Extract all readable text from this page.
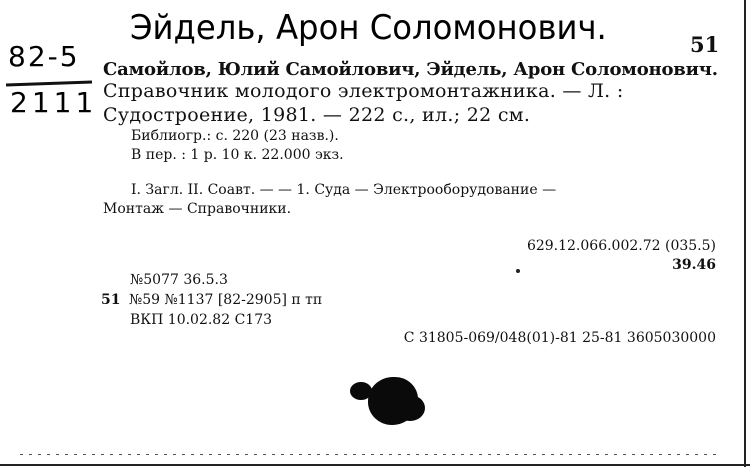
Эйдель, Арон Соломонович.
82-5
2111
51
Самойлов, Юлий Самойлович, Эйдель, Арон Соломонович.
Справочник молодого электромонтажника. — Л. :
Судостроение, 1981. — 222 с., ил.; 22 см.
Библиогр.: с. 220 (23 назв.).
В пер. : 1 р. 10 к. 22.000 экз.
I. Загл. II. Соавт. — — 1. Суда — Электрооборудование —
Монтаж — Справочники.
629.12.066.002.72 (035.5)
39.46
№5077 36.5.3
51 №59 №1137 [82-2905] п тп
ВКП 10.02.82 С173
С 31805-069/048(01)-81 25-81 3605030000
